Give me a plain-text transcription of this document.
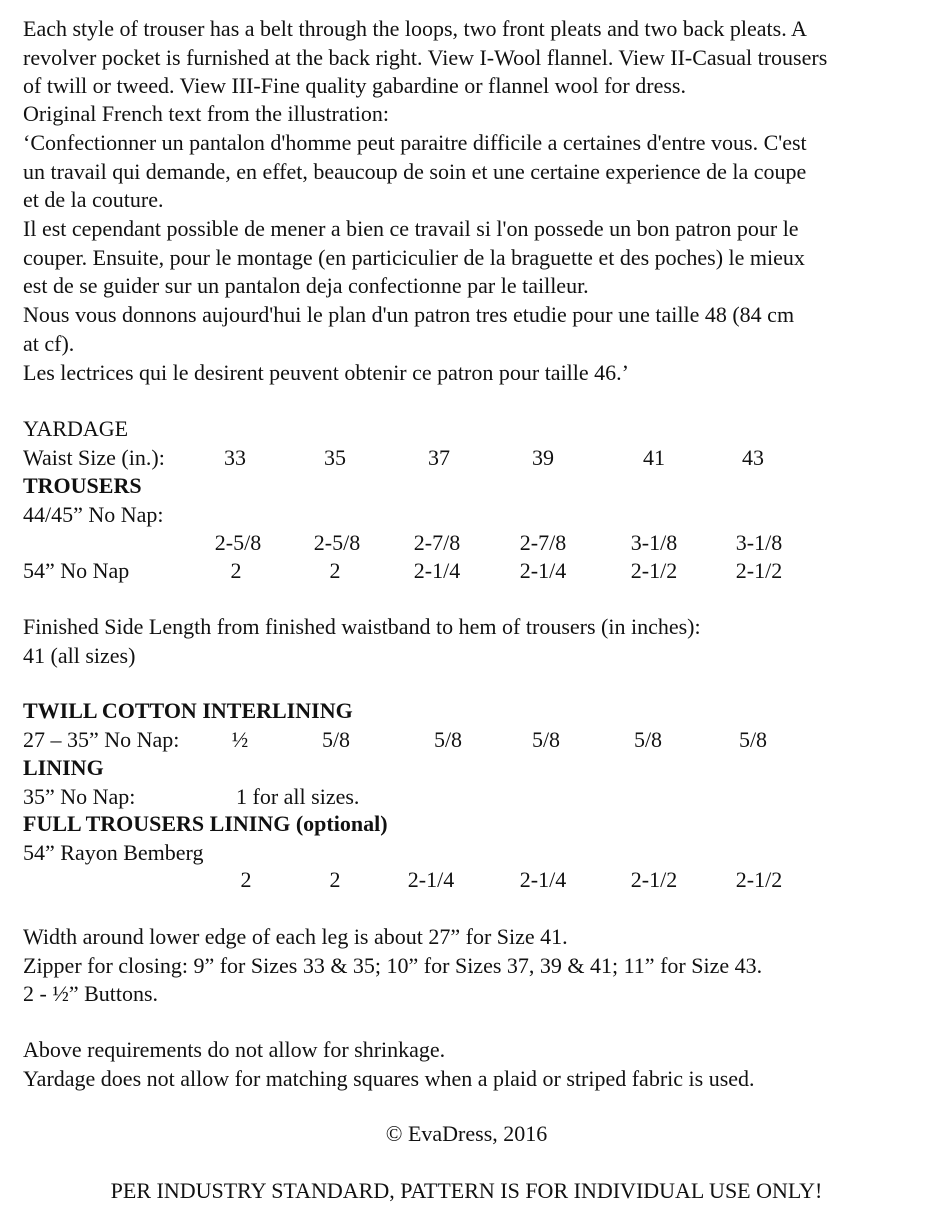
Each style of trouser has a belt through the loops, two front pleats and two back pleats. A
revolver pocket is furnished at the back right. View I-Wool flannel. View II-Casual trousers
of twill or tweed. View III-Fine quality gabardine or flannel wool for dress.
Original French text from the illustration:
‘Confectionner un pantalon d'homme peut paraitre difficile a certaines d'entre vous. C'est
un travail qui demande, en effet, beaucoup de soin et une certaine experience de la coupe
et de la couture.
Il est cependant possible de mener a bien ce travail si l'on possede un bon patron pour le
couper. Ensuite, pour le montage (en particiculier de la braguette et des poches) le mieux
est de se guider sur un pantalon deja confectionne par le tailleur.
Nous vous donnons aujourd'hui le plan d'un patron tres etudie pour une taille 48 (84 cm
at cf).
Les lectrices qui le desirent peuvent obtenir ce patron pour taille 46.’
YARDAGE
Waist Size (in.):	33	35	37	39	41	43
TROUSERS
44/45” No Nap:
2-5/8 2-5/8 2-7/8	2-7/8	3-1/8	3-1/8
54” No Nap	2	2	2-1/4	2-1/4	2-1/2	2-1/2
Finished Side Length from finished waistband to hem of trousers (in inches):
41 (all sizes)
TWILL COTTON INTERLINING
27 – 35” No Nap: ½	5/8	5/8	5/8	5/8	5/8
LINING
35” No Nap:	1 for all sizes.
FULL TROUSERS LINING (optional)
54” Rayon Bemberg
2	2	2-1/4	2-1/4	2-1/2	2-1/2
Width around lower edge of each leg is about 27” for Size 41.
Zipper for closing: 9” for Sizes 33 & 35; 10” for Sizes 37, 39 & 41; 11” for Size 43.
2 - ½” Buttons.
Above requirements do not allow for shrinkage.
Yardage does not allow for matching squares when a plaid or striped fabric is used.
© EvaDress, 2016
PER INDUSTRY STANDARD, PATTERN IS FOR INDIVIDUAL USE ONLY!
